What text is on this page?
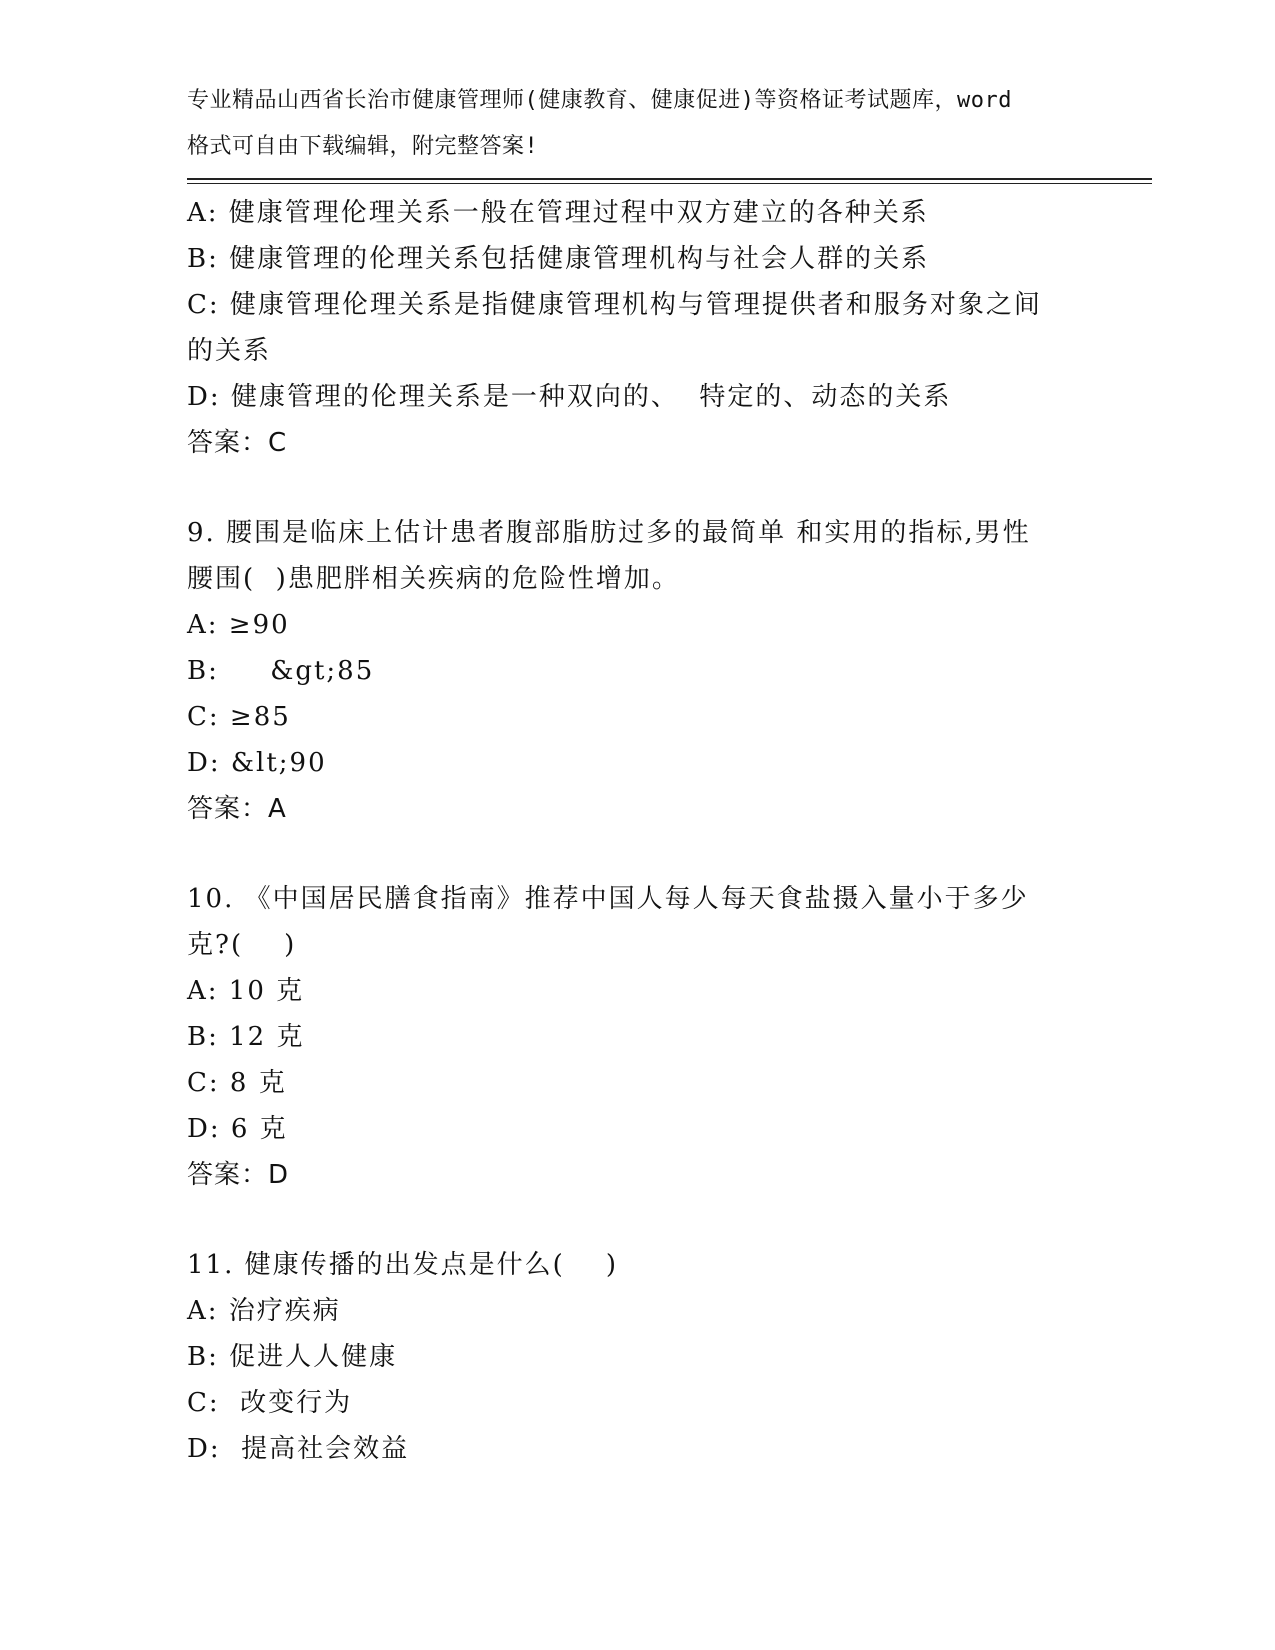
专业精品山西省长治市健康管理师(健康教育、健康促进)等资格证考试题库，word
格式可自由下载编辑，附完整答案!
A: 健康管理伦理关系一般在管理过程中双方建立的各种关系
B: 健康管理的伦理关系包括健康管理机构与社会人群的关系
C: 健康管理伦理关系是指健康管理机构与管理提供者和服务对象之间
的关系
D: 健康管理的伦理关系是一种双向的、  特定的、动态的关系
答案：C
9. 腰围是临床上估计患者腹部脂肪过多的最简单 和实用的指标,男性
腰围(  )患肥胖相关疾病的危险性增加。
A: ≥90
B:     &gt;85
C: ≥85
D: &lt;90
答案：A
10. 《中国居民膳食指南》推荐中国人每人每天食盐摄入量小于多少
克?(    )
A: 10 克
B: 12 克
C: 8 克
D: 6 克
答案：D
11. 健康传播的出发点是什么(    )
A: 治疗疾病
B: 促进人人健康
C:  改变行为
D:  提高社会效益
